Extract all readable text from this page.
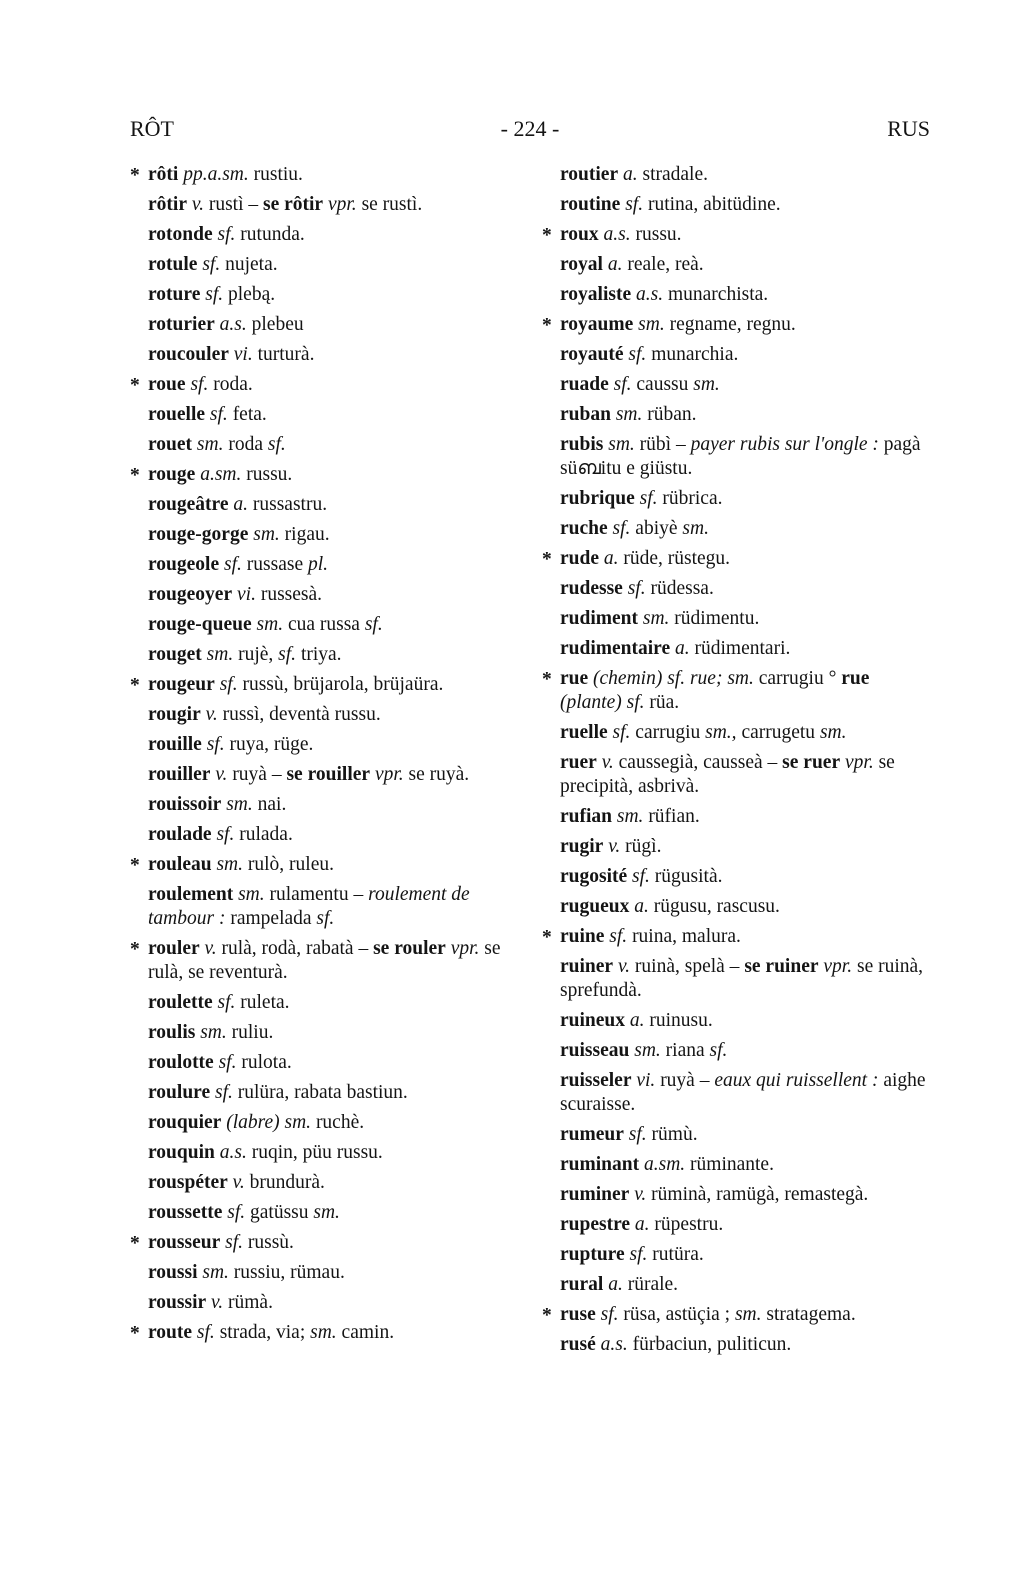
- 224 -
RÔT	RUS
* rôti pp.a.sm. rustiu.
rôtir v. rustì – se rôtir vpr. se rustì.
rotonde sf. rutunda.
rotule sf. nujeta.
roture sf. plebą.
roturier a.s. plebeu
roucouler vi. turturà.
* roue sf. roda.
rouelle sf. feta.
rouet sm. roda sf.
* rouge a.sm. russu.
rougeâtre a. russastru.
rouge-gorge sm. rigau.
rougeole sf. russase pl.
rougeoyer vi. russesà.
rouge-queue sm. cua russa sf.
rouget sm. rujè, sf. triya.
* rougeur sf. russù, brüjarola, brüjaüra.
rougir v. russì, deventà russu.
rouille sf. ruya, rüge.
rouiller v. ruyà – se rouiller vpr. se ruyà.
rouissoir sm. nai.
roulade sf. rulada.
* rouleau sm. rulò, ruleu.
roulement sm. rulamentu – roulement de tambour : rampelada sf.
* rouler v. rulà, rodà, rabatà – se rouler vpr. se rulà, se reventurà.
roulette sf. ruleta.
roulis sm. ruliu.
roulotte sf. rulota.
roulure sf. rulüra, rabata bastiun.
rouquier (labre) sm. ruchè.
rouquin a.s. ruqin, püu russu.
rouspéter v. brundurà.
roussette sf. gatüssu sm.
* rousseur sf. russù.
roussi sm. russiu, rümau.
roussir v. rümà.
* route sf. strada, via; sm. camin.
routier a. stradale.
routine sf. rutina, abitüdine.
* roux a.s. russu.
royal a. reale, reà.
royaliste a.s. munarchista.
* royaume sm. regname, regnu.
royauté sf. munarchia.
ruade sf. caussu sm.
ruban sm. rüban.
rubis sm. rübì – payer rubis sur l'ongle : pagà süബitu e giüstu.
rubrique sf. rübrica.
ruche sf. abiyè sm.
* rude a. rüde, rüstegu.
rudesse sf. rüdessa.
rudiment sm. rüdimentu.
rudimentaire a. rüdimentari.
* rue (chemin) sf. rue; sm. carrugiu ° rue (plante) sf. rüa.
ruelle sf. carrugiu sm., carrugetu sm.
ruer v. caussegià, causseà – se ruer vpr. se precipità, asbrivà.
rufian sm. rüfian.
rugir v. rügì.
rugosité sf. rügusità.
rugueux a. rügusu, rascusu.
* ruine sf. ruina, malura.
ruiner v. ruinà, spelà – se ruiner vpr. se ruinà, sprefundà.
ruineux a. ruinusu.
ruisseau sm. riana sf.
ruisseler vi. ruyà – eaux qui ruissellent : aighe scuraisse.
rumeur sf. rümù.
ruminant a.sm. rüminante.
ruminer v. rüminà, ramügà, remastegà.
rupestre a. rüpestru.
rupture sf. rutüra.
rural a. rürale.
* ruse sf. rüsa, astüçia ; sm. stratagema.
rusé a.s. fürbaciun, puliticun.
